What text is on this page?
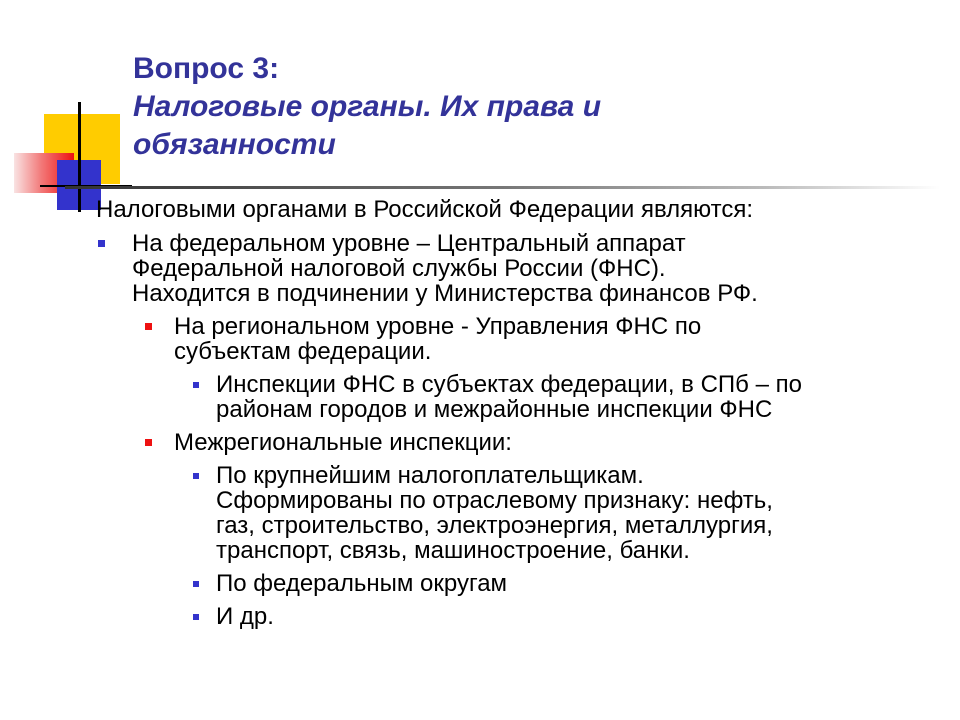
Вопрос 3:
Налоговые органы. Их права и
обязанности
Налоговыми органами в Российской Федерации являются:
На федеральном уровне – Центральный аппарат
Федеральной налоговой службы России (ФНС).
Находится в подчинении у Министерства финансов РФ.
На региональном уровне - Управления ФНС по
субъектам федерации.
Инспекции ФНС в субъектах федерации, в СПб – по
районам городов и межрайонные инспекции ФНС
Межрегиональные инспекции:
По крупнейшим налогоплательщикам.
Сформированы по отраслевому признаку: нефть,
газ, строительство, электроэнергия, металлургия,
транспорт, связь, машиностроение, банки.
По федеральным округам
И др.
